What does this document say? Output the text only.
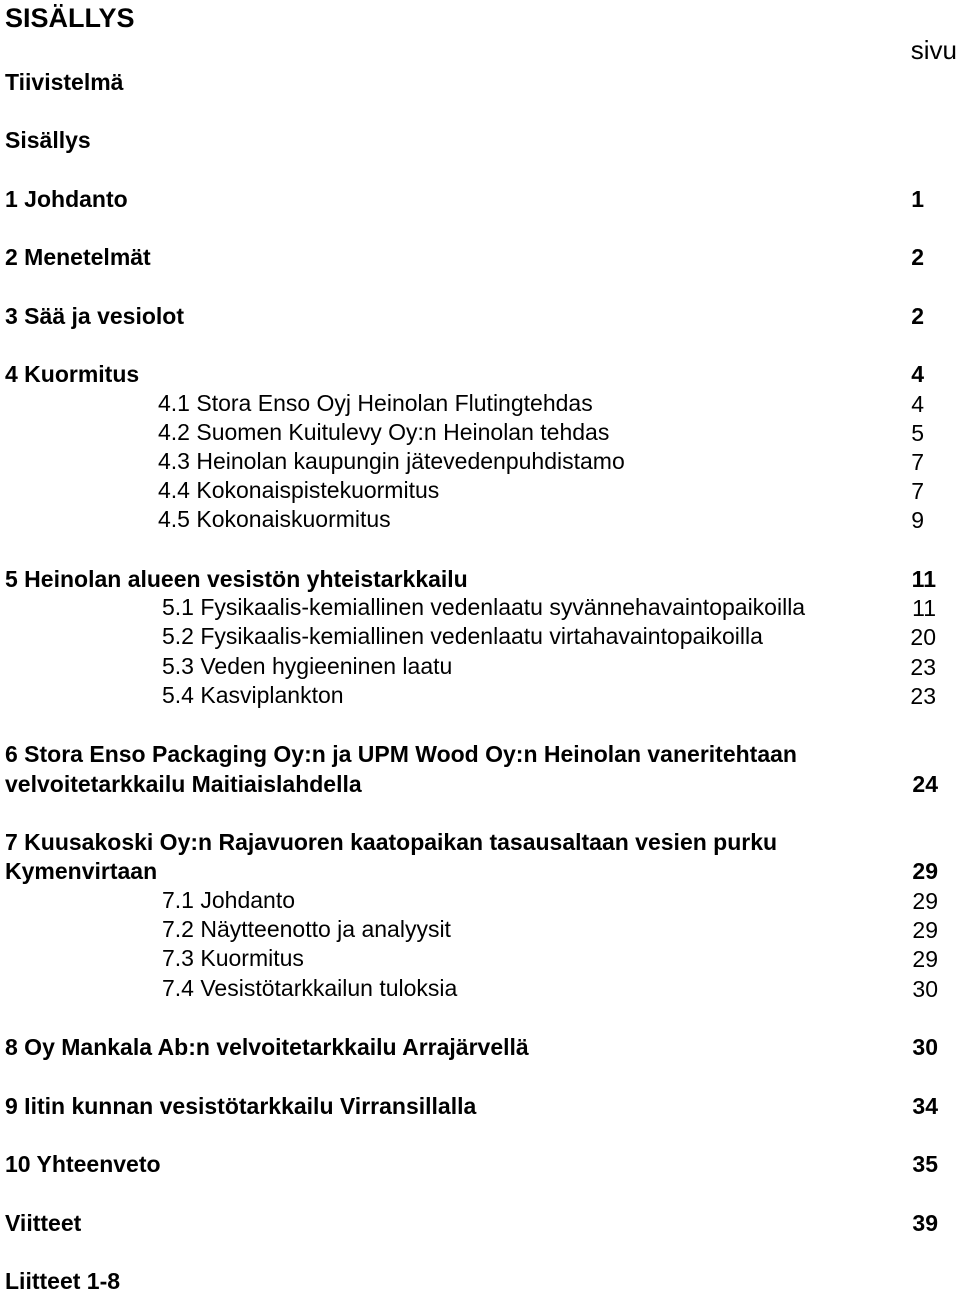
SISÄLLYS
sivu
Tiivistelmä
Sisällys
1 Johdanto	1
2 Menetelmät	2
3 Sää ja vesiolot	2
4 Kuormitus	4
4.1 Stora Enso Oyj Heinolan Flutingtehdas	4
4.2 Suomen Kuitulevy Oy:n Heinolan tehdas	5
4.3 Heinolan kaupungin jätevedenpuhdistamo	7
4.4 Kokonaispistekuormitus	7
4.5 Kokonaiskuormitus	9
5 Heinolan alueen vesistön yhteistarkkailu	11
5.1 Fysikaalis-kemiallinen vedenlaatu syvännehavaintopaikoilla	11
5.2 Fysikaalis-kemiallinen vedenlaatu virtahavaintopaikoilla	20
5.3 Veden hygieeninen laatu	23
5.4 Kasviplankton	23
6 Stora Enso Packaging Oy:n ja UPM Wood Oy:n Heinolan vaneritehtaan
velvoitetarkkailu Maitiaislahdella	24
7 Kuusakoski Oy:n Rajavuoren kaatopaikan tasausaltaan vesien purku
Kymenvirtaan	29
7.1 Johdanto	29
7.2 Näytteenotto ja analyysit	29
7.3 Kuormitus	29
7.4 Vesistötarkkailun tuloksia	30
8 Oy Mankala Ab:n velvoitetarkkailu Arrajärvellä	30
9 Iitin kunnan vesistötarkkailu Virransillalla	34
10 Yhteenveto	35
Viitteet	39
Liitteet 1-8
